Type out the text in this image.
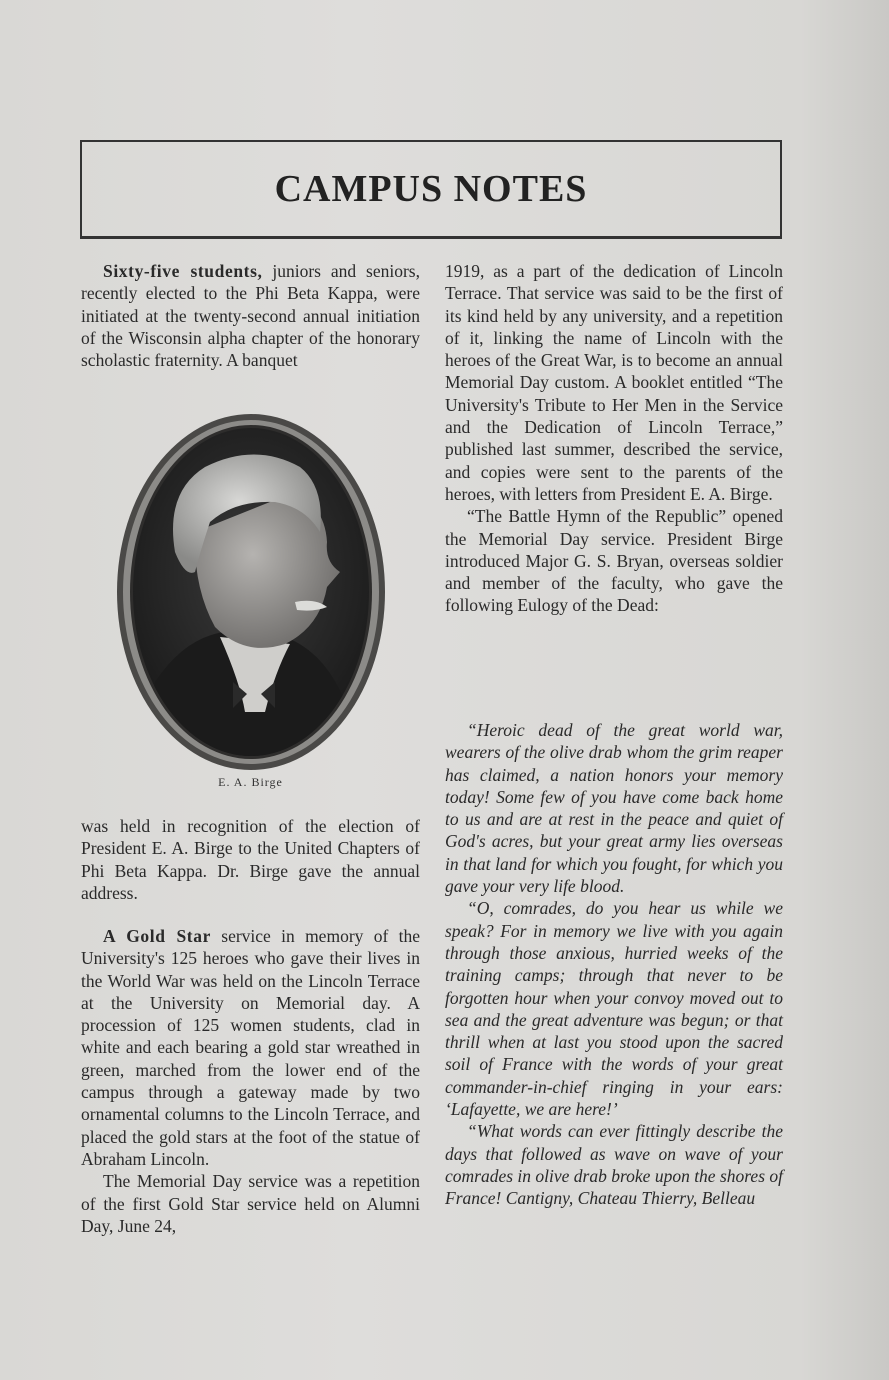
CAMPUS NOTES

Sixty-five students, juniors and seniors, recently elected to the Phi Beta Kappa, were initiated at the twenty-second annual initiation of the Wisconsin alpha chapter of the honorary scholastic fraternity. A banquet

E. A. Birge

was held in recognition of the election of President E. A. Birge to the United Chapters of Phi Beta Kappa. Dr. Birge gave the annual address.

A Gold Star service in memory of the University's 125 heroes who gave their lives in the World War was held on the Lincoln Terrace at the University on Memorial day. A procession of 125 women students, clad in white and each bearing a gold star wreathed in green, marched from the lower end of the campus through a gateway made by two ornamental columns to the Lincoln Terrace, and placed the gold stars at the foot of the statue of Abraham Lincoln.

The Memorial Day service was a repetition of the first Gold Star service held on Alumni Day, June 24,

1919, as a part of the dedication of Lincoln Terrace. That service was said to be the first of its kind held by any university, and a repetition of it, linking the name of Lincoln with the heroes of the Great War, is to become an annual Memorial Day custom. A booklet entitled “The University's Tribute to Her Men in the Service and the Dedication of Lincoln Terrace,” published last summer, described the service, and copies were sent to the parents of the heroes, with letters from President E. A. Birge.

“The Battle Hymn of the Republic” opened the Memorial Day service. President Birge introduced Major G. S. Bryan, overseas soldier and member of the faculty, who gave the following Eulogy of the Dead:

“Heroic dead of the great world war, wearers of the olive drab whom the grim reaper has claimed, a nation honors your memory today! Some few of you have come back home to us and are at rest in the peace and quiet of God's acres, but your great army lies overseas in that land for which you fought, for which you gave your very life blood.

“O, comrades, do you hear us while we speak? For in memory we live with you again through those anxious, hurried weeks of the training camps; through that never to be forgotten hour when your convoy moved out to sea and the great adventure was begun; or that thrill when at last you stood upon the sacred soil of France with the words of your great commander-in-chief ringing in your ears: ‘Lafayette, we are here!’

“What words can ever fittingly describe the days that followed as wave on wave of your comrades in olive drab broke upon the shores of France! Cantigny, Chateau Thierry, Belleau
